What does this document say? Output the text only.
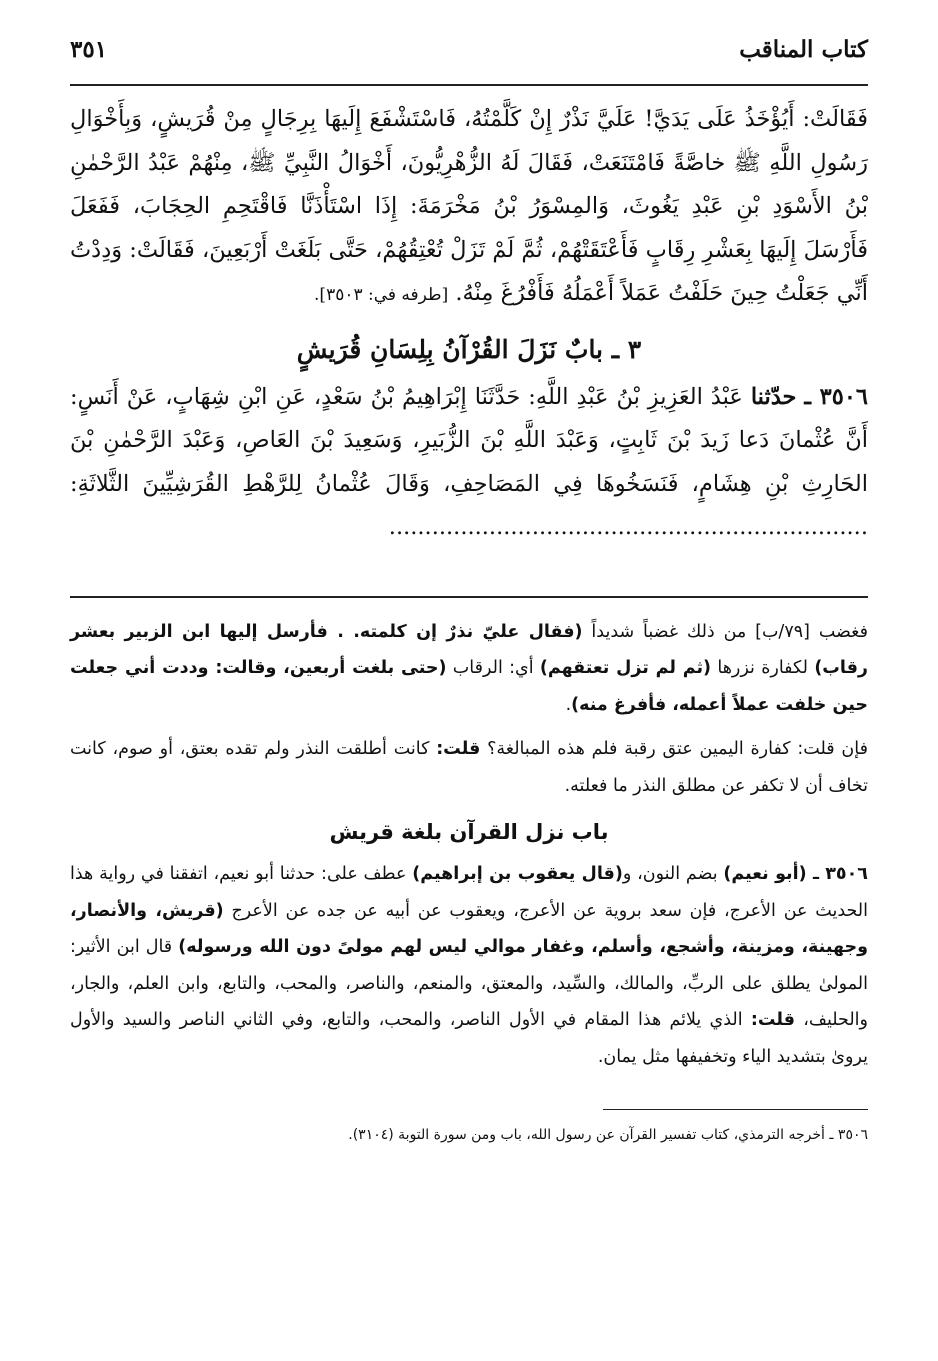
كتاب المناقب
٣٥١
فَقَالَتْ: أَيُؤْخَذُ عَلَى يَدَيَّ! عَلَيَّ نَذْرٌ إِنْ كَلَّمْتُهُ، فَاسْتَشْفَعَ إِلَيهَا بِرِجَالٍ مِنْ قُرَيشٍ، وَبِأَخْوَالِ رَسُولِ اللَّهِ ﷺ خاصَّةً فَامْتَنَعَتْ، فَقَالَ لَهُ الزُّهْرِيُّونَ، أَخْوَالُ النَّبِيِّ ﷺ، مِنْهُمْ عَبْدُ الرَّحْمٰنِ بْنُ الأَسْوَدِ بْنِ عَبْدِ يَغُوثَ، وَالمِسْوَرُ بْنُ مَخْرَمَةَ: إِذَا اسْتَأْذَنَّا فَاقْتَحِمِ الحِجَابَ، فَفَعَلَ فَأَرْسَلَ إِلَيهَا بِعَشْرِ رِقَابٍ فَأَعْتَقَتْهُمْ، ثُمَّ لَمْ تَزَلْ تُعْتِقُهُمْ، حَتَّى بَلَغَتْ أَرْبَعِينَ، فَقَالَتْ: وَدِدْتُ أَنِّي جَعَلْتُ حِينَ حَلَفْتُ عَمَلاً أَعْمَلُهُ فَأَفْرُغَ مِنْهُ. [طرفه في: ٣٥٠٣].
٣ ـ بابٌ نَزَلَ القُرْآنُ بِلِسَانِ قُرَيشٍ
٣٥٠٦ ـ حدّثنا عَبْدُ العَزِيزِ بْنُ عَبْدِ اللَّهِ: حَدَّثَنَا إِبْرَاهِيمُ بْنُ سَعْدٍ، عَنِ ابْنِ شِهَابٍ، عَنْ أَنَسٍ: أَنَّ عُثْمانَ دَعا زَيدَ بْنَ ثَابِتٍ، وَعَبْدَ اللَّهِ بْنَ الزُّبَيرِ، وَسَعِيدَ بْنَ العَاصِ، وَعَبْدَ الرَّحْمٰنِ بْنَ الحَارِثِ بْنِ هِشَامٍ، فَنَسَخُوهَا فِي المَصَاحِفِ، وَقَالَ عُثْمانُ لِلرَّهْطِ القُرَشِيِّينَ الثَّلاثَةِ: ...................................................................

فغضب [٧٩/ب] من ذلك غضباً شديداً (فقال عليّ نذرٌ إن كلمته. . فأرسل إليها ابن الزبير بعشر رقاب) لكفارة نزرها (ثم لم تزل تعتقهم) أي: الرقاب (حتى بلغت أربعين، وقالت: وددت أني جعلت حين خلفت عملاً أعمله، فأفرغ منه).

فإن قلت: كفارة اليمين عتق رقبة فلم هذه المبالغة؟ قلت: كانت أطلقت النذر ولم تقده بعتق، أو صوم، كانت تخاف أن لا تكفر عن مطلق النذر ما فعلته.

باب نزل القرآن بلغة قريش

٣٥٠٦ ـ (أبو نعيم) بضم النون، و(قال يعقوب بن إبراهيم) عطف على: حدثنا أبو نعيم، اتفقنا في رواية هذا الحديث عن الأعرج، فإن سعد بروية عن الأعرج، ويعقوب عن أبيه عن جده عن الأعرج (قريش، والأنصار، وجهينة، ومزينة، وأشجع، وأسلم، وغفار موالي ليس لهم مولىً دون الله ورسوله) قال ابن الأثير: المولىٰ يطلق على الربِّ، والمالك، والسِّيد، والمعتق، والمنعم، والناصر، والمحب، والتابع، وابن العلم، والجار، والحليف، قلت: الذي يلائم هذا المقام في الأول الناصر، والمحب، والتابع، وفي الثاني الناصر والسيد والأول يروىٰ بتشديد الياء وتخفيفها مثل يمان.

٣٥٠٦ ـ أخرجه الترمذي، كتاب تفسير القرآن عن رسول الله، باب ومن سورة التوبة (٣١٠٤).
